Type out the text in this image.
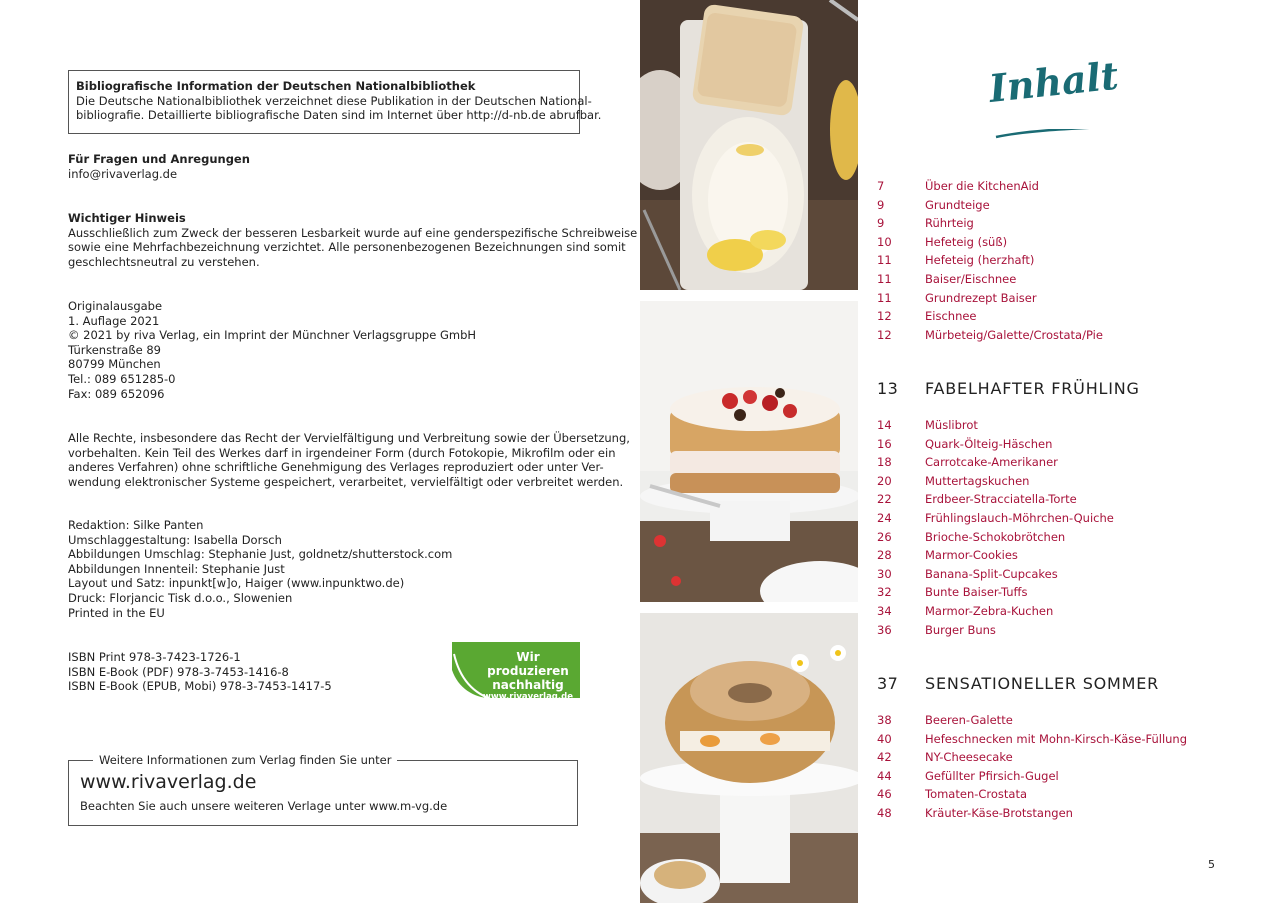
Bibliografische Information der Deutschen Nationalbibliothek
Die Deutsche Nationalbibliothek verzeichnet diese Publikation in der Deutschen National-
bibliografie. Detaillierte bibliografische Daten sind im Internet über http://d-nb.de abrufbar.
Für Fragen und Anregungen
info@rivaverlag.de
Wichtiger Hinweis
Ausschließlich zum Zweck der besseren Lesbarkeit wurde auf eine genderspezifische Schreibweise
sowie eine Mehrfachbezeichnung verzichtet. Alle personenbezogenen Bezeichnungen sind somit
geschlechtsneutral zu verstehen.
Originalausgabe
1. Auflage 2021
© 2021 by riva Verlag, ein Imprint der Münchner Verlagsgruppe GmbH
Türkenstraße 89
80799 München
Tel.: 089 651285-0
Fax: 089 652096
Alle Rechte, insbesondere das Recht der Vervielfältigung und Verbreitung sowie der Übersetzung,
vorbehalten. Kein Teil des Werkes darf in irgendeiner Form (durch Fotokopie, Mikrofilm oder ein
anderes Verfahren) ohne schriftliche Genehmigung des Verlages reproduziert oder unter Ver-
wendung elektronischer Systeme gespeichert, verarbeitet, vervielfältigt oder verbreitet werden.
Redaktion: Silke Panten
Umschlaggestaltung: Isabella Dorsch
Abbildungen Umschlag: Stephanie Just, goldnetz/shutterstock.com
Abbildungen Innenteil: Stephanie Just
Layout und Satz: inpunkt[w]o, Haiger (www.inpunktwo.de)
Druck: Florjancic Tisk d.o.o., Slowenien
Printed in the EU
ISBN Print 978-3-7423-1726-1
ISBN E-Book (PDF) 978-3-7453-1416-8
ISBN E-Book (EPUB, Mobi) 978-3-7453-1417-5
Wir produzieren
nachhaltig
www.rivaverlag.de
Weitere Informationen zum Verlag finden Sie unter
www.rivaverlag.de
Beachten Sie auch unsere weiteren Verlage unter www.m-vg.de
Inhalt
7	Über die KitchenAid
9	Grundteige
9	Rührteig
10	Hefeteig (süß)
11	Hefeteig (herzhaft)
11	Baiser/Eischnee
11	Grundrezept Baiser
12	Eischnee
12	Mürbeteig/Galette/Crostata/Pie
13 FABELHAFTER FRÜHLING
14	Müslibrot
16	Quark-Ölteig-Häschen
18	Carrotcake-Amerikaner
20	Muttertagskuchen
22	Erdbeer-Stracciatella-Torte
24	Frühlingslauch-Möhrchen-Quiche
26	Brioche-Schokobrötchen
28	Marmor-Cookies
30	Banana-Split-Cupcakes
32	Bunte Baiser-Tuffs
34	Marmor-Zebra-Kuchen
36	Burger Buns
37 SENSATIONELLER SOMMER
38	Beeren-Galette
40	Hefeschnecken mit Mohn-Kirsch-Käse-Füllung
42	NY-Cheesecake
44	Gefüllter Pfirsich-Gugel
46	Tomaten-Crostata
48	Kräuter-Käse-Brotstangen
5
